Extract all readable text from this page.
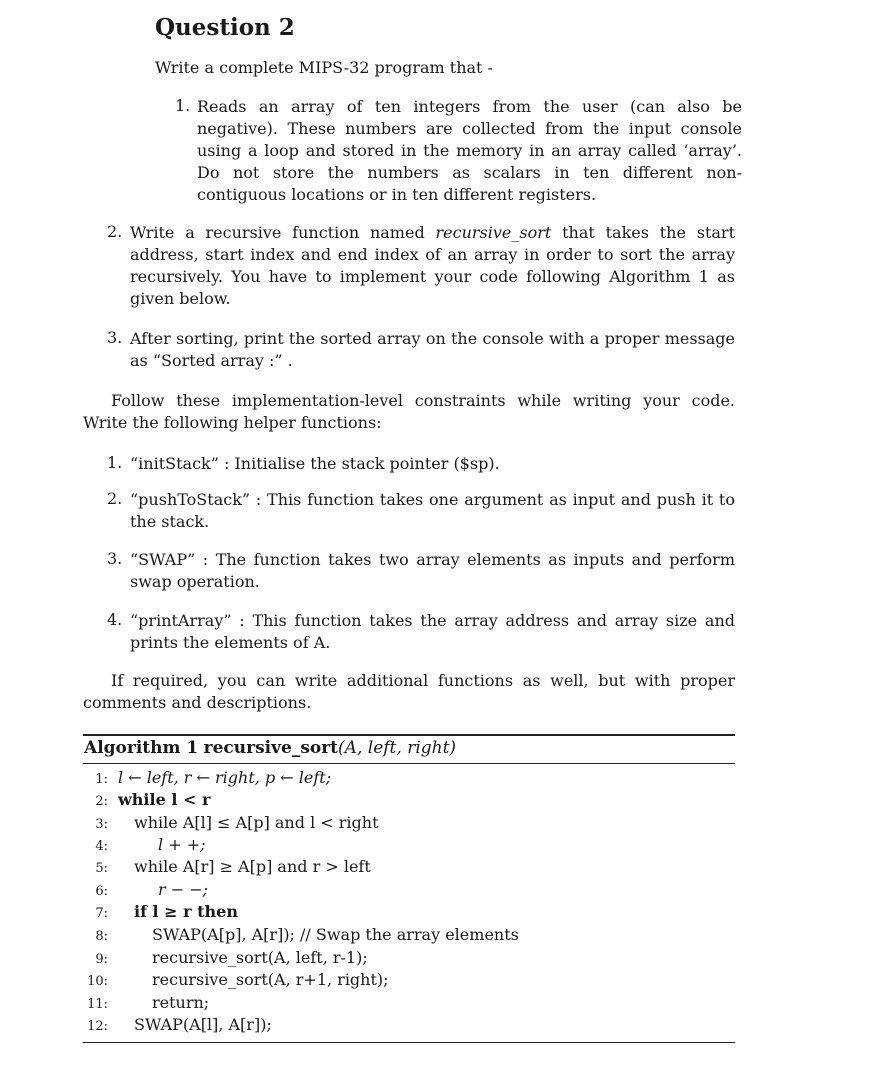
Question 2
Write a complete MIPS-32 program that -
1. Reads an array of ten integers from the user (can also be negative). These numbers are collected from the input console using a loop and stored in the memory in an array called ‘array’. Do not store the numbers as scalars in ten different non-contiguous locations or in ten different registers.
2. Write a recursive function named recursive_sort that takes the start address, start index and end index of an array in order to sort the array recursively. You have to implement your code following Algorithm 1 as given below.
3. After sorting, print the sorted array on the console with a proper message as “Sorted array :” .
Follow these implementation-level constraints while writing your code. Write the following helper functions:
1. “initStack” : Initialise the stack pointer ($sp).
2. “pushToStack” : This function takes one argument as input and push it to the stack.
3. “SWAP” : The function takes two array elements as inputs and perform swap operation.
4. “printArray” : This function takes the array address and array size and prints the elements of A.
If required, you can write additional functions as well, but with proper comments and descriptions.
Algorithm 1 recursive_sort(A, left, right)
1: l ← left, r ← right, p ← left;
2: while l < r
3: while A[l] ≤ A[p] and l < right
4:	l + +;
5: while A[r] ≥ A[p] and r > left
6:	r − −;
7: if l ≥ r then
8:	SWAP(A[p], A[r]); // Swap the array elements
9:	recursive_sort(A, left, r-1);
10:	recursive_sort(A, r+1, right);
11:	return;
12: SWAP(A[l], A[r]);
